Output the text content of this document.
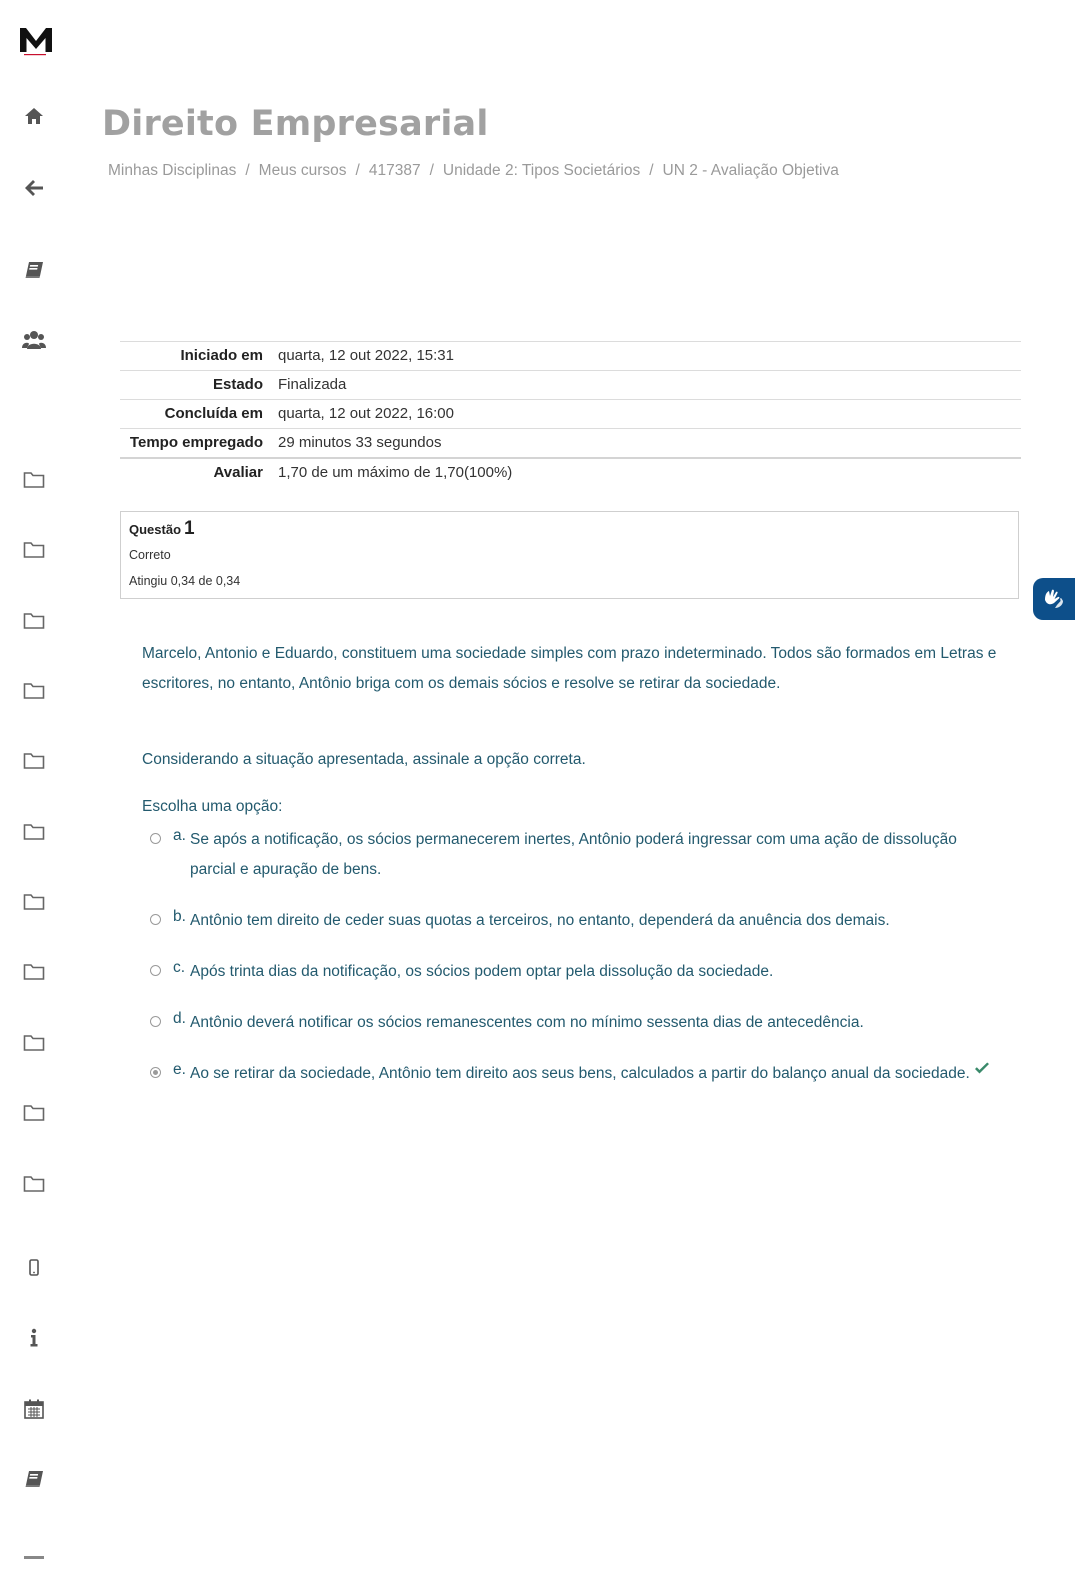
Direito Empresarial
Minhas Disciplinas / Meus cursos / 417387 / Unidade 2: Tipos Societários / UN 2 - Avaliação Objetiva
Iniciado em	quarta, 12 out 2022, 15:31
Estado	Finalizada
Concluída em	quarta, 12 out 2022, 16:00
Tempo empregado	29 minutos 33 segundos
Avaliar	1,70 de um máximo de 1,70(100%)
Questão 1
Correto
Atingiu 0,34 de 0,34
Marcelo, Antonio e Eduardo, constituem uma sociedade simples com prazo indeterminado. Todos são formados em Letras e escritores, no entanto, Antônio briga com os demais sócios e resolve se retirar da sociedade.
Considerando a situação apresentada, assinale a opção correta.
Escolha uma opção:
a. Se após a notificação, os sócios permanecerem inertes, Antônio poderá ingressar com uma ação de dissolução parcial e apuração de bens.
b. Antônio tem direito de ceder suas quotas a terceiros, no entanto, dependerá da anuência dos demais.
c. Após trinta dias da notificação, os sócios podem optar pela dissolução da sociedade.
d. Antônio deverá notificar os sócios remanescentes com no mínimo sessenta dias de antecedência.
e. Ao se retirar da sociedade, Antônio tem direito aos seus bens, calculados a partir do balanço anual da sociedade.
